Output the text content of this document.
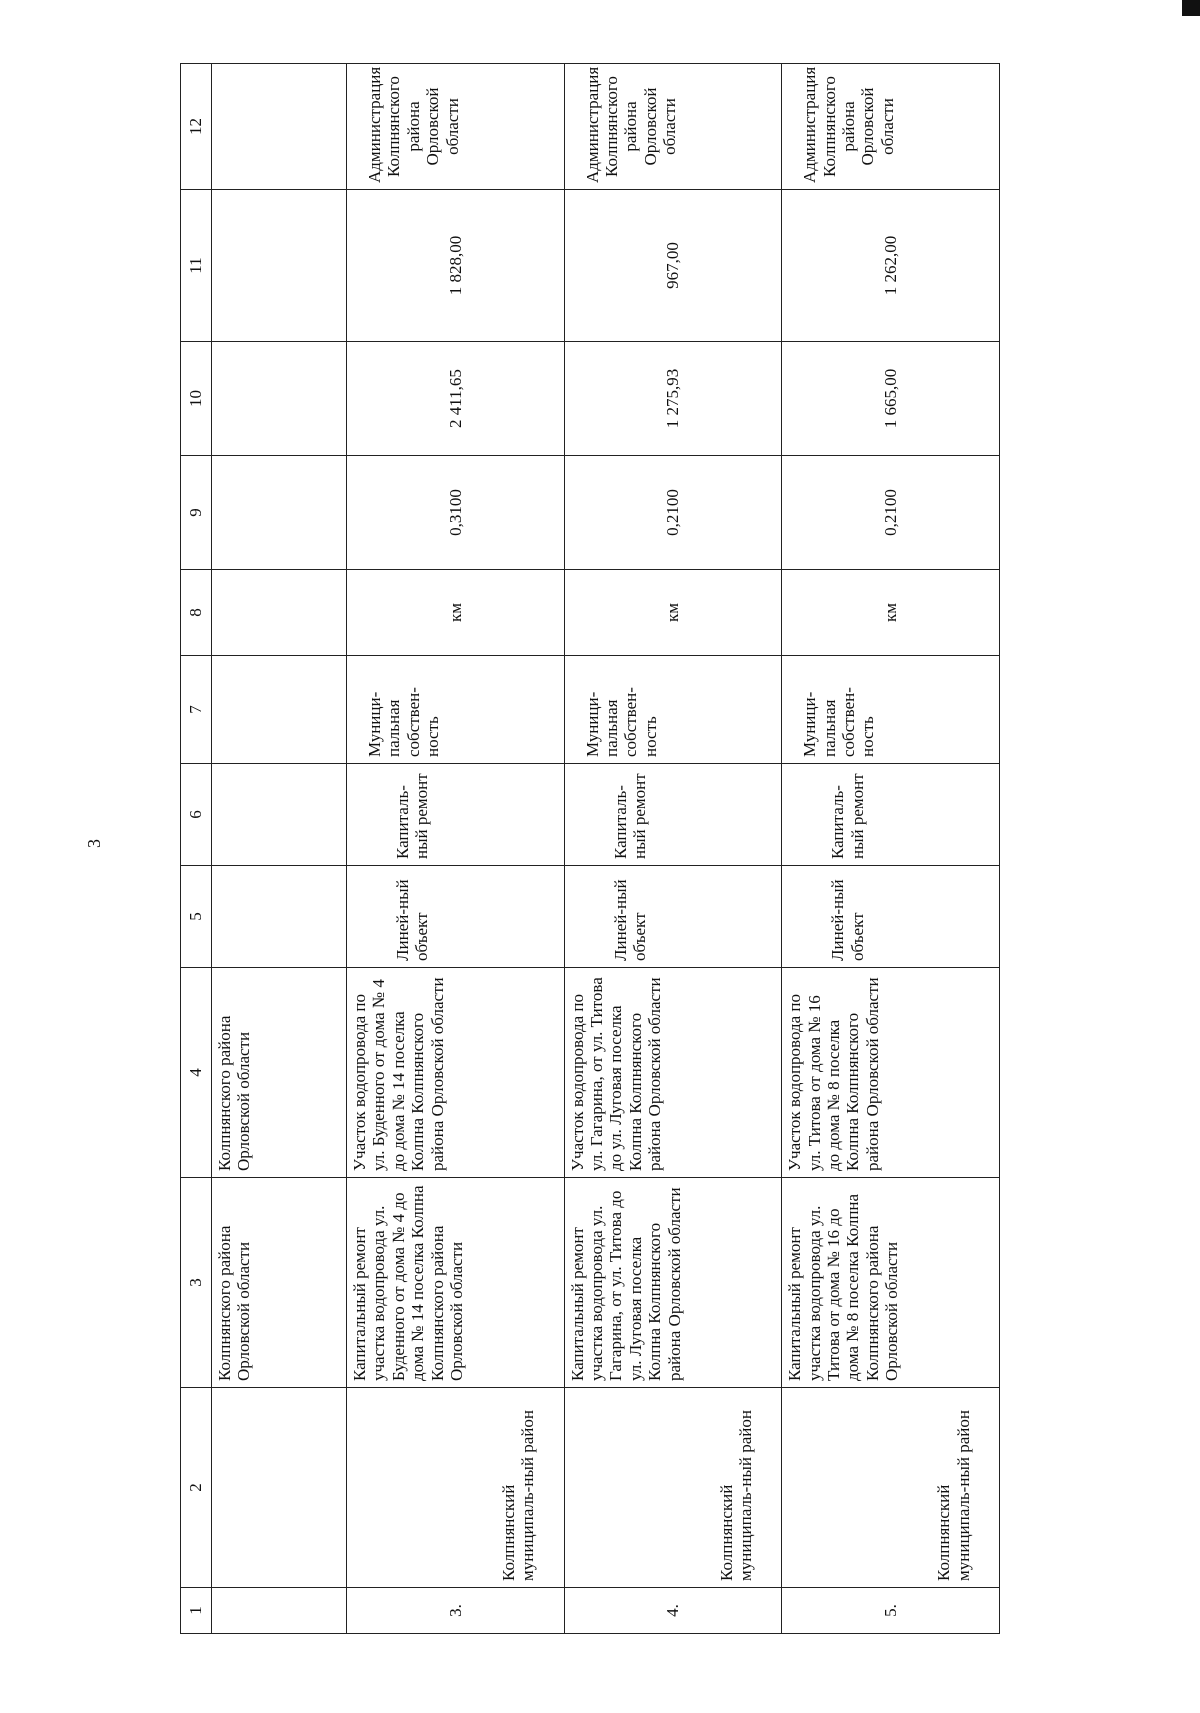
3
1	2	3	4	5	6	7	8	9	10	11	12
		Колпнянского района Орловской области	Колпнянского района Орловской области								
3.	Колпнянский муниципаль-ный район	Капитальный ремонт участка водопровода ул. Буденного от дома № 4 до дома № 14 поселка Колпна Колпнянского района Орловской области	Участок водопровода по ул. Буденного от дома № 4 до дома № 14 поселка Колпна Колпнянского района Орловской области	Линей-ный объект	Капиталь-ный ремонт	Муници-пальная собствен-ность	км	0,3100	2 411,65	1 828,00	Администрация Колпнянского района Орловской области
4.	Колпнянский муниципаль-ный район	Капитальный ремонт участка водопровода ул. Гагарина, от ул. Титова до ул. Луговая поселка Колпна Колпнянского района Орловской области	Участок водопровода по ул. Гагарина, от ул. Титова до ул. Луговая поселка Колпна Колпнянского района Орловской области	Линей-ный объект	Капиталь-ный ремонт	Муници-пальная собствен-ность	км	0,2100	1 275,93	967,00	Администрация Колпнянского района Орловской области
5.	Колпнянский муниципаль-ный район	Капитальный ремонт участка водопровода ул. Титова от дома № 16 до дома № 8 поселка Колпна Колпнянского района Орловской области	Участок водопровода по ул. Титова от дома № 16 до дома № 8 поселка Колпна Колпнянского района Орловской области	Линей-ный объект	Капиталь-ный ремонт	Муници-пальная собствен-ность	км	0,2100	1 665,00	1 262,00	Администрация Колпнянского района Орловской области
